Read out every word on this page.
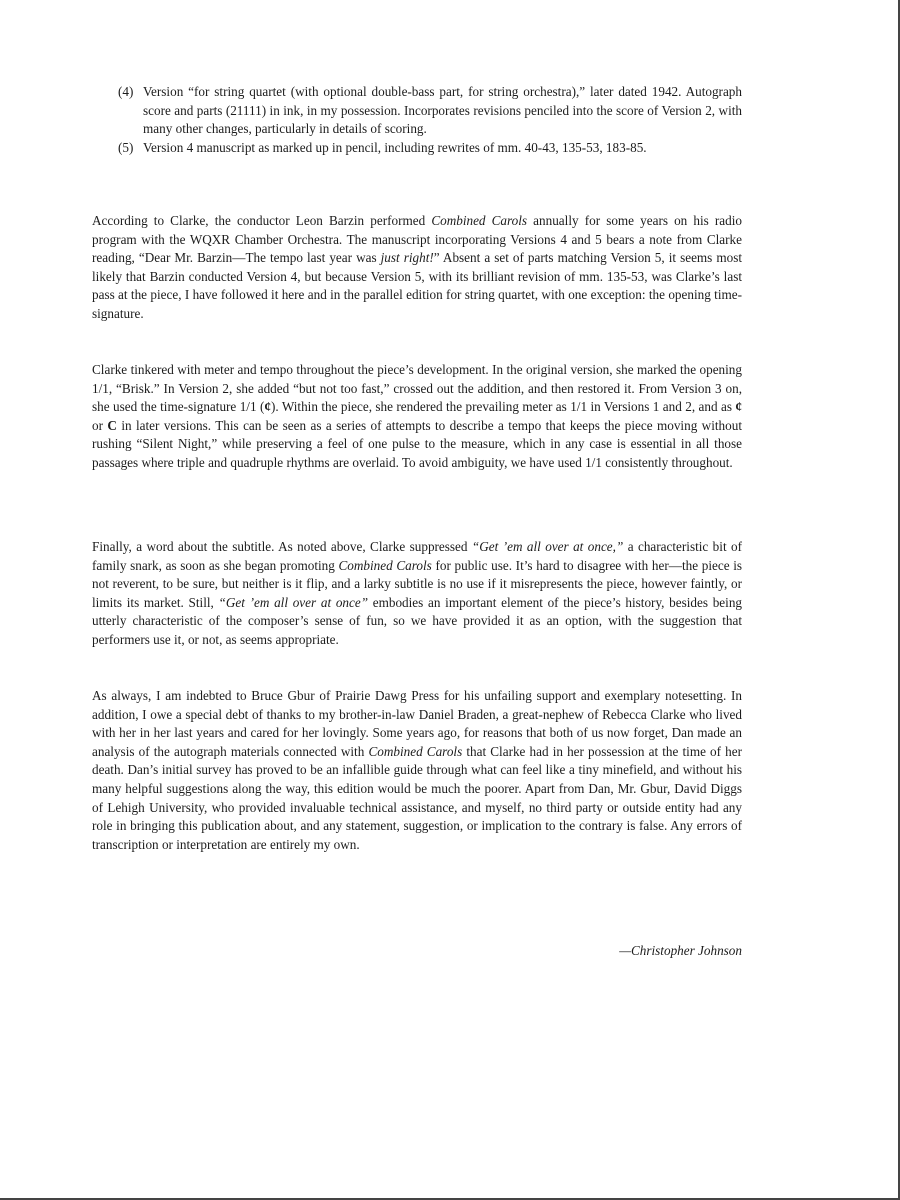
(4) Version “for string quartet (with optional double-bass part, for string orchestra),” later dated 1942. Autograph score and parts (21111) in ink, in my possession. Incorporates revisions penciled into the score of Version 2, with many other changes, particularly in details of scoring.

(5) Version 4 manuscript as marked up in pencil, including rewrites of mm. 40-43, 135-53, 183-85.

According to Clarke, the conductor Leon Barzin performed Combined Carols annually for some years on his radio program with the WQXR Chamber Orchestra. The manuscript incorporating Versions 4 and 5 bears a note from Clarke reading, “Dear Mr. Barzin—The tempo last year was just right!” Absent a set of parts matching Version 5, it seems most likely that Barzin conducted Version 4, but because Version 5, with its brilliant revision of mm. 135-53, was Clarke’s last pass at the piece, I have followed it here and in the parallel edition for string quartet, with one exception: the opening time-signature.

Clarke tinkered with meter and tempo throughout the piece’s development. In the original version, she marked the opening 1/1, “Brisk.” In Version 2, she added “but not too fast,” crossed out the addition, and then restored it. From Version 3 on, she used the time-signature 1/1 (¢). Within the piece, she rendered the prevailing meter as 1/1 in Versions 1 and 2, and as ¢ or C in later versions. This can be seen as a series of attempts to describe a tempo that keeps the piece moving without rushing “Silent Night,” while preserving a feel of one pulse to the measure, which in any case is essential in all those passages where triple and quadruple rhythms are overlaid. To avoid ambiguity, we have used 1/1 consistently throughout.

Finally, a word about the subtitle. As noted above, Clarke suppressed “Get ’em all over at once,” a characteristic bit of family snark, as soon as she began promoting Combined Carols for public use. It’s hard to disagree with her—the piece is not reverent, to be sure, but neither is it flip, and a larky subtitle is no use if it misrepresents the piece, however faintly, or limits its market. Still, “Get ’em all over at once” embodies an important element of the piece’s history, besides being utterly characteristic of the composer’s sense of fun, so we have provided it as an option, with the suggestion that performers use it, or not, as seems appropriate.

As always, I am indebted to Bruce Gbur of Prairie Dawg Press for his unfailing support and exemplary notesetting. In addition, I owe a special debt of thanks to my brother-in-law Daniel Braden, a great-nephew of Rebecca Clarke who lived with her in her last years and cared for her lovingly. Some years ago, for reasons that both of us now forget, Dan made an analysis of the autograph materials connected with Combined Carols that Clarke had in her possession at the time of her death. Dan’s initial survey has proved to be an infallible guide through what can feel like a tiny minefield, and without his many helpful suggestions along the way, this edition would be much the poorer. Apart from Dan, Mr. Gbur, David Diggs of Lehigh University, who provided invaluable technical assistance, and myself, no third party or outside entity had any role in bringing this publication about, and any statement, suggestion, or implication to the contrary is false. Any errors of transcription or interpretation are entirely my own.

—Christopher Johnson
